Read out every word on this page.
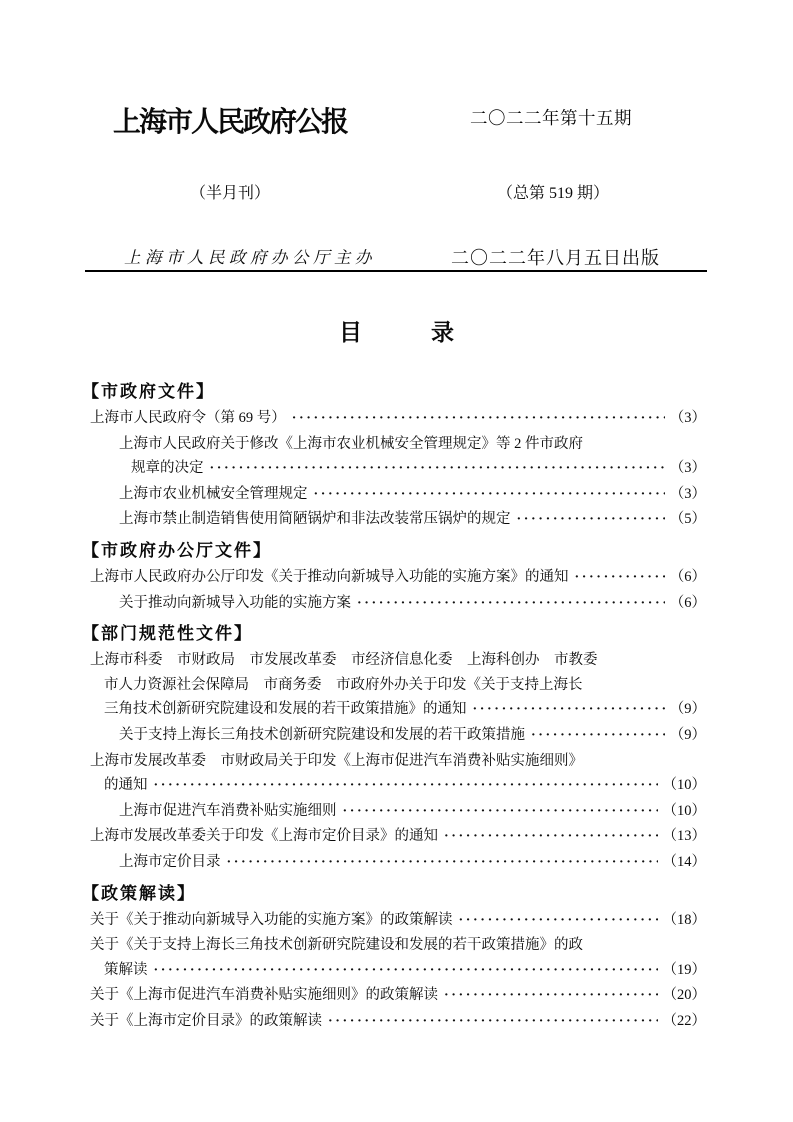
上海市人民政府公报	二〇二二年第十五期
（半月刊）	（总第 519 期）
上海市人民政府办公厅主办	二〇二二年八月五日出版
目　　　录
【市政府文件】
上海市人民政府令（第 69 号） ·····	（3）
上海市人民政府关于修改《上海市农业机械安全管理规定》等 2 件市政府
规章的决定 ·····	（3）
上海市农业机械安全管理规定 ·····	（3）
上海市禁止制造销售使用简陋锅炉和非法改装常压锅炉的规定 ·····	（5）
【市政府办公厅文件】
上海市人民政府办公厅印发《关于推动向新城导入功能的实施方案》的通知 ·····	（6）
关于推动向新城导入功能的实施方案 ·····	（6）
【部门规范性文件】
上海市科委　市财政局　市发展改革委　市经济信息化委　上海科创办　市教委
市人力资源社会保障局　市商务委　市政府外办关于印发《关于支持上海长
三角技术创新研究院建设和发展的若干政策措施》的通知 ·····	（9）
关于支持上海长三角技术创新研究院建设和发展的若干政策措施 ·····	（9）
上海市发展改革委　市财政局关于印发《上海市促进汽车消费补贴实施细则》
的通知 ·····	（10）
上海市促进汽车消费补贴实施细则 ·····	（10）
上海市发展改革委关于印发《上海市定价目录》的通知 ·····	（13）
上海市定价目录 ·····	（14）
【政策解读】
关于《关于推动向新城导入功能的实施方案》的政策解读 ·····	（18）
关于《关于支持上海长三角技术创新研究院建设和发展的若干政策措施》的政
策解读 ·····	（19）
关于《上海市促进汽车消费补贴实施细则》的政策解读 ·····	（20）
关于《上海市定价目录》的政策解读 ·····	（22）
